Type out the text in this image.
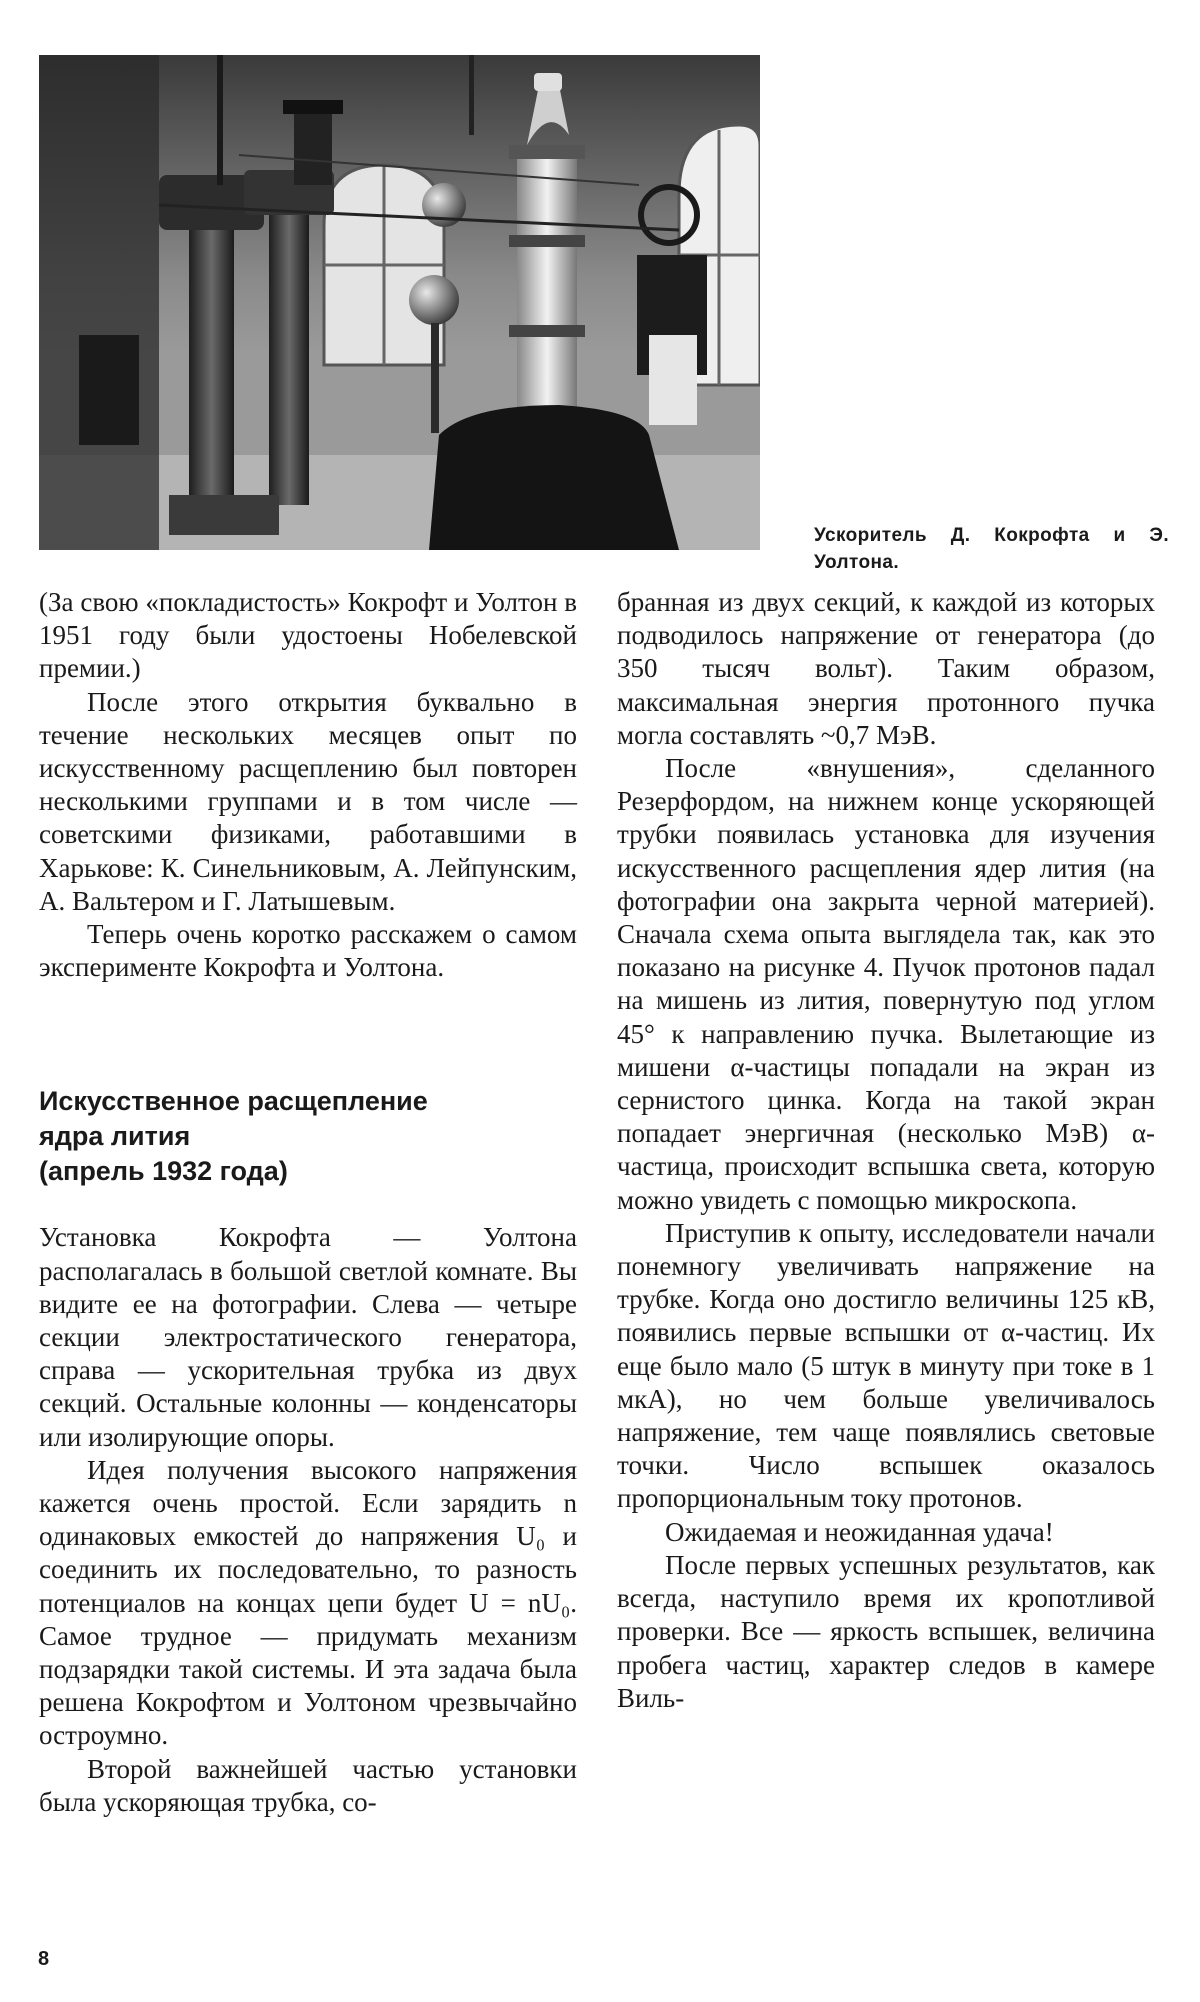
Ускоритель Д. Кокрофта и Э. Уолтона.

(За свою «покладистость» Кокрофт и Уолтон в 1951 году были удостоены Нобелевской премии.)

После этого открытия буквально в течение нескольких месяцев опыт по искусственному расщеплению был повторен несколькими группами и в том числе — советскими физиками, работавшими в Харькове: К. Синельниковым, А. Лейпунским, А. Вальтером и Г. Латышевым.

Теперь очень коротко расскажем о самом эксперименте Кокрофта и Уолтона.

Искусственное расщепление
ядра лития
(апрель 1932 года)

Установка Кокрофта — Уолтона располагалась в большой светлой комнате. Вы видите ее на фотографии. Слева — четыре секции электростатического генератора, справа — ускорительная трубка из двух секций. Остальные колонны — конденсаторы или изолирующие опоры.

Идея получения высокого напряжения кажется очень простой. Если зарядить n одинаковых емкостей до напряжения U₀ и соединить их последовательно, то разность потенциалов на концах цепи будет U = nU₀. Самое трудное — придумать механизм подзарядки такой системы. И эта задача была решена Кокрофтом и Уолтоном чрезвычайно остроумно.

Второй важнейшей частью установки была ускоряющая трубка, со-

бранная из двух секций, к каждой из которых подводилось напряжение от генератора (до 350 тысяч вольт). Таким образом, максимальная энергия протонного пучка могла составлять ~0,7 МэВ.

После «внушения», сделанного Резерфордом, на нижнем конце ускоряющей трубки появилась установка для изучения искусственного расщепления ядер лития (на фотографии она закрыта черной материей). Сначала схема опыта выглядела так, как это показано на рисунке 4. Пучок протонов падал на мишень из лития, повернутую под углом 45° к направлению пучка. Вылетающие из мишени α-частицы попадали на экран из сернистого цинка. Когда на такой экран попадает энергичная (несколько МэВ) α-частица, происходит вспышка света, которую можно увидеть с помощью микроскопа.

Приступив к опыту, исследователи начали понемногу увеличивать напряжение на трубке. Когда оно достигло величины 125 кВ, появились первые вспышки от α-частиц. Их еще было мало (5 штук в минуту при токе в 1 мкА), но чем больше увеличивалось напряжение, тем чаще появлялись световые точки. Число вспышек оказалось пропорциональным току протонов.

Ожидаемая и неожиданная удача!

После первых успешных результатов, как всегда, наступило время их кропотливой проверки. Все — яркость вспышек, величина пробега частиц, характер следов в камере Виль-

8
